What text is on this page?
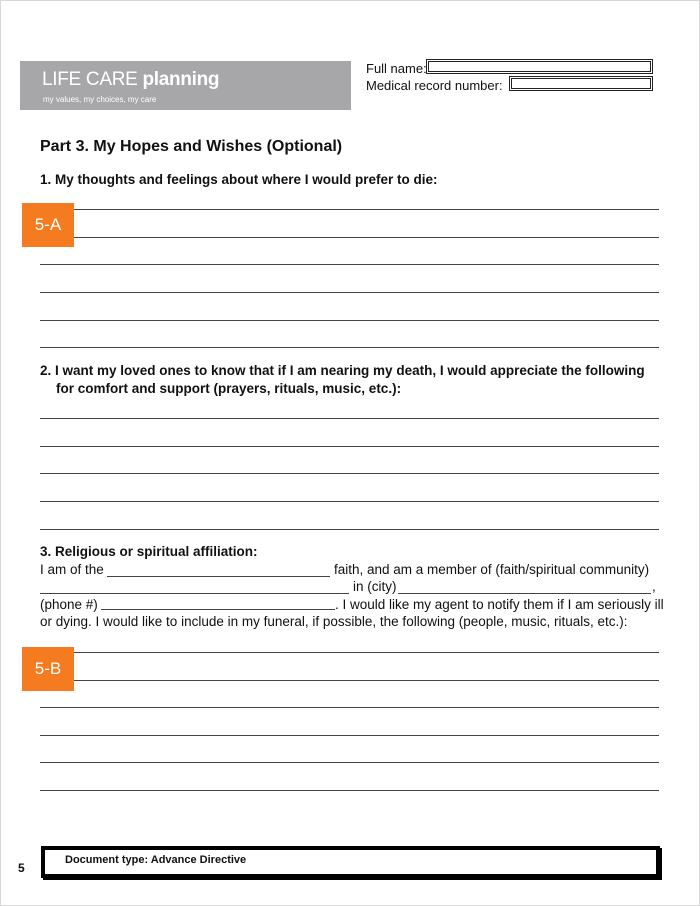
LIFE CARE planning
my values, my choices, my care
Full name:
Medical record number:
Part 3. My Hopes and Wishes (Optional)
1. My thoughts and feelings about where I would prefer to die:
5-A
2. I want my loved ones to know that if I am nearing my death, I would appreciate the following
for comfort and support (prayers, rituals, music, etc.):
3. Religious or spiritual affiliation:
I am of the	faith, and am a member of (faith/spiritual community)
in (city)	,
(phone #)	. I would like my agent to notify them if I am seriously ill
or dying. I would like to include in my funeral, if possible, the following (people, music, rituals, etc.):
5-B
5
Document type: Advance Directive
